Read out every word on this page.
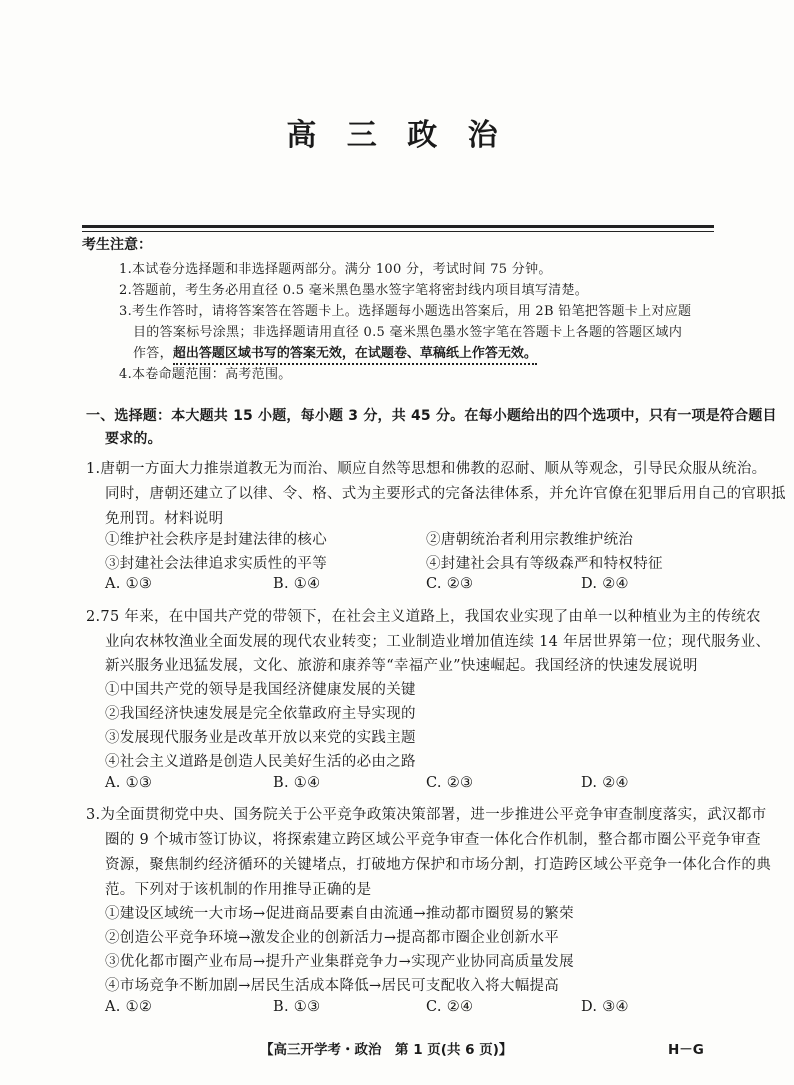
高 三 政 治
考生注意：
1.本试卷分选择题和非选择题两部分。满分 100 分，考试时间 75 分钟。
2.答题前，考生务必用直径 0.5 毫米黑色墨水签字笔将密封线内项目填写清楚。
3.考生作答时，请将答案答在答题卡上。选择题每小题选出答案后，用 2B 铅笔把答题卡上对应题
目的答案标号涂黑；非选择题请用直径 0.5 毫米黑色墨水签字笔在答题卡上各题的答题区域内
作答，超出答题区域书写的答案无效，在试题卷、草稿纸上作答无效。
4.本卷命题范围：高考范围。
一、选择题：本大题共 15 小题，每小题 3 分，共 45 分。在每小题给出的四个选项中，只有一项是符合题目
要求的。
1.唐朝一方面大力推崇道教无为而治、顺应自然等思想和佛教的忍耐、顺从等观念，引导民众服从统治。
同时，唐朝还建立了以律、令、格、式为主要形式的完备法律体系，并允许官僚在犯罪后用自己的官职抵
免刑罚。材料说明
①维护社会秩序是封建法律的核心	②唐朝统治者利用宗教维护统治
③封建社会法律追求实质性的平等	④封建社会具有等级森严和特权特征
A. ①③	B. ①④	C. ②③	D. ②④
2.75 年来，在中国共产党的带领下，在社会主义道路上，我国农业实现了由单一以种植业为主的传统农
业向农林牧渔业全面发展的现代农业转变；工业制造业增加值连续 14 年居世界第一位；现代服务业、
新兴服务业迅猛发展，文化、旅游和康养等“幸福产业”快速崛起。我国经济的快速发展说明
①中国共产党的领导是我国经济健康发展的关键
②我国经济快速发展是完全依靠政府主导实现的
③发展现代服务业是改革开放以来党的实践主题
④社会主义道路是创造人民美好生活的必由之路
A. ①③	B. ①④	C. ②③	D. ②④
3.为全面贯彻党中央、国务院关于公平竞争政策决策部署，进一步推进公平竞争审查制度落实，武汉都市
圈的 9 个城市签订协议，将探索建立跨区域公平竞争审查一体化合作机制，整合都市圈公平竞争审查
资源，聚焦制约经济循环的关键堵点，打破地方保护和市场分割，打造跨区域公平竞争一体化合作的典
范。下列对于该机制的作用推导正确的是
①建设区域统一大市场→促进商品要素自由流通→推动都市圈贸易的繁荣
②创造公平竞争环境→激发企业的创新活力→提高都市圈企业创新水平
③优化都市圈产业布局→提升产业集群竞争力→实现产业协同高质量发展
④市场竞争不断加剧→居民生活成本降低→居民可支配收入将大幅提高
A. ①②	B. ①③	C. ②④	D. ③④
【高三开学考・政治　第 1 页(共 6 页)】	H－G
